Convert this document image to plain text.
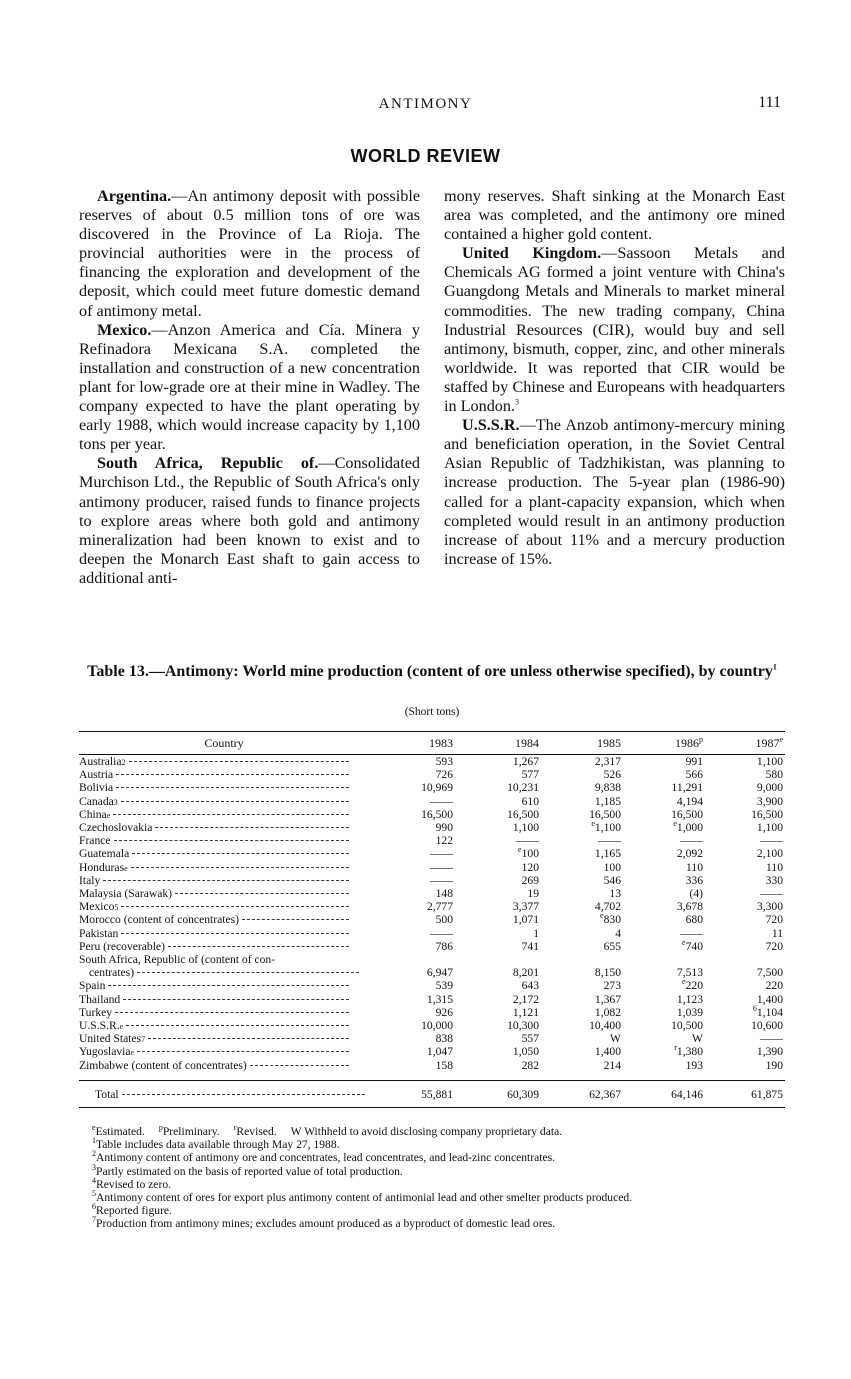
ANTIMONY	111
WORLD REVIEW

Argentina.—An antimony deposit with possible reserves of about 0.5 million tons of ore was discovered in the Province of La Rioja. The provincial authorities were in the process of financing the exploration and development of the deposit, which could meet future domestic demand of antimony metal.

Mexico.—Anzon America and Cía. Minera y Refinadora Mexicana S.A. completed the installation and construction of a new concentration plant for low-grade ore at their mine in Wadley. The company expected to have the plant operating by early 1988, which would increase capacity by 1,100 tons per year.

South Africa, Republic of.—Consolidated Murchison Ltd., the Republic of South Africa's only antimony producer, raised funds to finance projects to explore areas where both gold and antimony mineralization had been known to exist and to deepen the Monarch East shaft to gain access to additional anti-

mony reserves. Shaft sinking at the Monarch East area was completed, and the antimony ore mined contained a higher gold content.

United Kingdom.—Sassoon Metals and Chemicals AG formed a joint venture with China's Guangdong Metals and Minerals to market mineral commodities. The new trading company, China Industrial Resources (CIR), would buy and sell antimony, bismuth, copper, zinc, and other minerals worldwide. It was reported that CIR would be staffed by Chinese and Europeans with headquarters in London.$^3$

U.S.S.R.—The Anzob antimony-mercury mining and beneficiation operation, in the Soviet Central Asian Republic of Tadzhikistan, was planning to increase production. The 5-year plan (1986-90) called for a plant-capacity expansion, which when completed would result in an antimony production increase of about 11% and a mercury production increase of 15%.

Table 13.—Antimony: World mine production (content of ore unless otherwise specified), by country$^1$
(Short tons)
Country	1983	1984	1985	1986$^p$	1987e

Australia 2	593	1,267	2,317	991	1,100

Austria	726	577	526	566	580

Bolivia	10,969	10,231	9,838	11,291	9,000

Canada 3	——	610	1,185	4,194	3,900

China e	16,500	16,500	16,500	16,500	16,500

Czechoslovakia	990	1,100	$^e$1,100	$^e$1,000	1,100

France	122	——	——	——	——

Guatemala	——	$^e$100	1,165	2,092	2,100

Honduras e	——	120	100	110	110

Italy	——	269	546	336	330

Malaysia (Sarawak)	148	19	13	(4)	——

Mexico 5	2,777	3,377	4,702	3,678	3,300

Morocco (content of concentrates)	500	1,071	$^e$830	680	720

Pakistan	——	1	4	——	11

Peru (recoverable)	786	741	655	$^e$740	720

South Africa, Republic of (content of con-					

centrates)	6,947	8,201	8,150	7,513	7,500

Spain	539	643	273	$^e$220	220

Thailand	1,315	2,172	1,367	1,123	1,400

Turkey	926	1,121	1,082	1,039	$^6$1,104

U.S.S.R. e	10,000	10,300	10,400	10,500	10,600

United States 7	838	557	W	W	——

Yugoslavia e	1,047	1,050	1,400	$^r$1,380	1,390

Zimbabwe (content of concentrates)	158	282	214	193	190

Total	55,881	60,309	62,367	64,146	61,875
$^e$Estimated. $^p$Preliminary. $^r$Revised. W Withheld to avoid disclosing company proprietary data.
$^1$Table includes data available through May 27, 1988.
$^2$Antimony content of antimony ore and concentrates, lead concentrates, and lead-zinc concentrates.
$^3$Partly estimated on the basis of reported value of total production.
$^4$Revised to zero.
$^5$Antimony content of ores for export plus antimony content of antimonial lead and other smelter products produced.
$^6$Reported figure.
$^7$Production from antimony mines; excludes amount produced as a byproduct of domestic lead ores.
